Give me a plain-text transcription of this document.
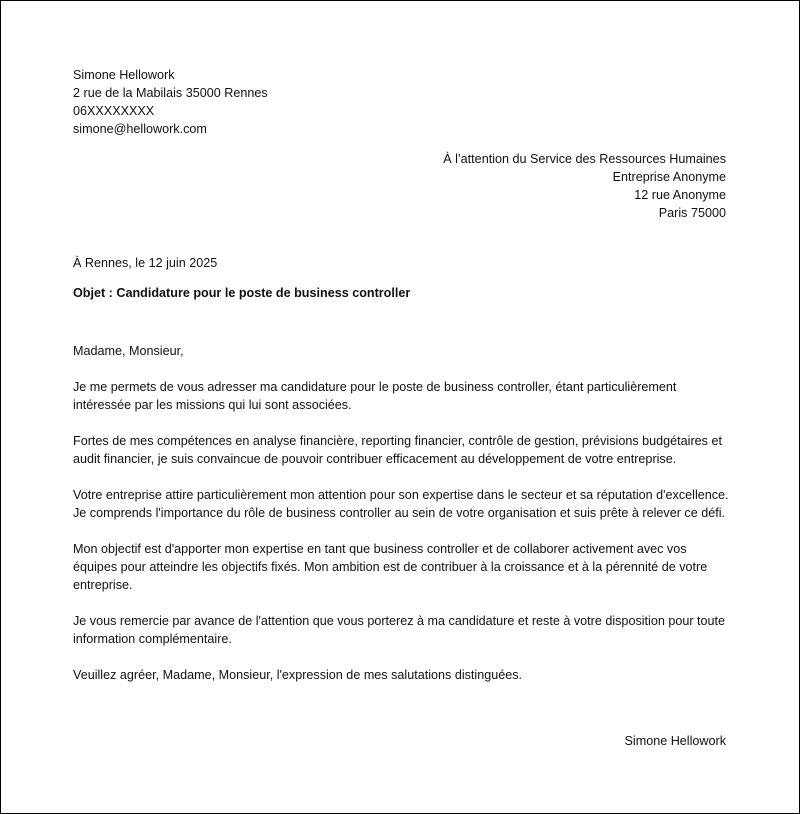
Simone Hellowork
2 rue de la Mabilais 35000 Rennes
06XXXXXXXX
simone@hellowork.com
À l’attention du Service des Ressources Humaines
Entreprise Anonyme
12 rue Anonyme
Paris 75000
À Rennes, le 12 juin 2025
Objet : Candidature pour le poste de business controller

Madame, Monsieur,

Je me permets de vous adresser ma candidature pour le poste de business controller, étant particulièrement intéressée par les missions qui lui sont associées.

Fortes de mes compétences en analyse financière, reporting financier, contrôle de gestion, prévisions budgétaires et audit financier, je suis convaincue de pouvoir contribuer efficacement au développement de votre entreprise.

Votre entreprise attire particulièrement mon attention pour son expertise dans le secteur et sa réputation d'excellence. Je comprends l'importance du rôle de business controller au sein de votre organisation et suis prête à relever ce défi.

Mon objectif est d'apporter mon expertise en tant que business controller et de collaborer activement avec vos équipes pour atteindre les objectifs fixés. Mon ambition est de contribuer à la croissance et à la pérennité de votre entreprise.

Je vous remercie par avance de l'attention que vous porterez à ma candidature et reste à votre disposition pour toute information complémentaire.

Veuillez agréer, Madame, Monsieur, l'expression de mes salutations distinguées.

Simone Hellowork
